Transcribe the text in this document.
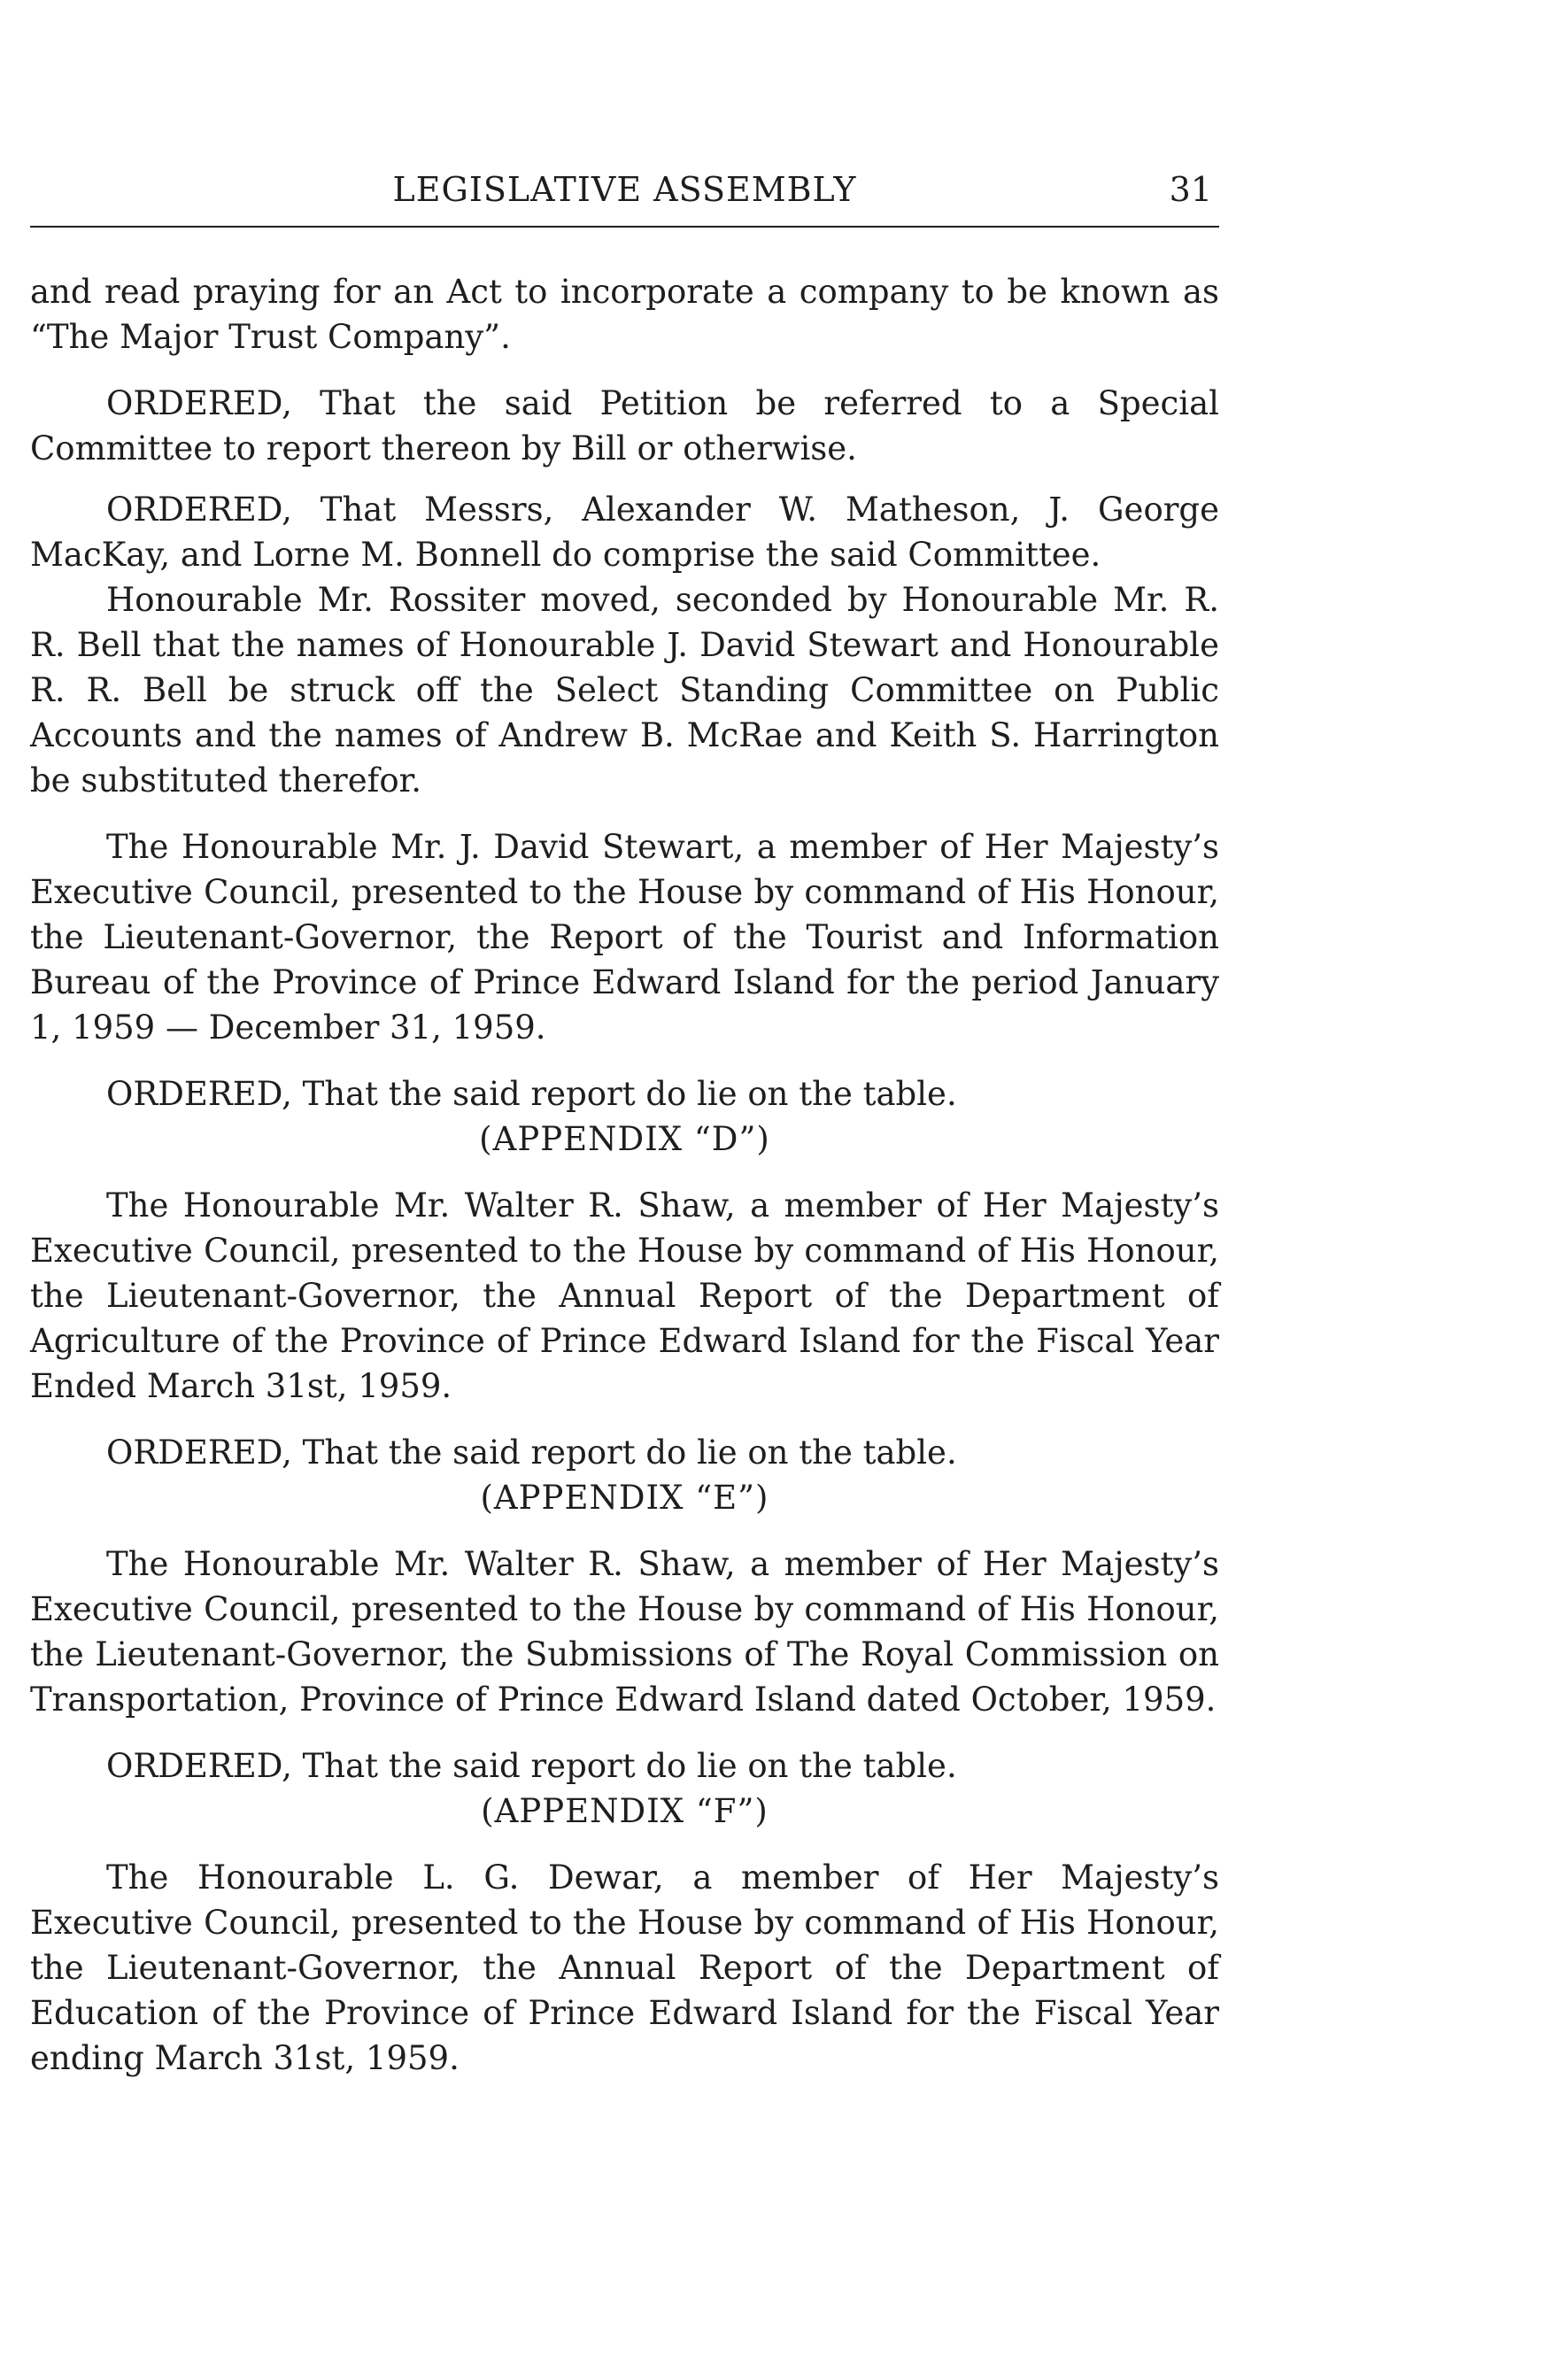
LEGISLATIVE ASSEMBLY	31

and read praying for an Act to incorporate a company to be known as “The Major Trust Company”.

ORDERED, That the said Petition be referred to a Special Committee to report thereon by Bill or otherwise.

ORDERED, That Messrs, Alexander W. Matheson, J. George MacKay, and Lorne M. Bonnell do comprise the said Committee.

Honourable Mr. Rossiter moved, seconded by Honourable Mr. R. R. Bell that the names of Honourable J. David Stewart and Honourable R. R. Bell be struck off the Select Standing Committee on Public Accounts and the names of Andrew B. McRae and Keith S. Harrington be substituted therefor.

The Honourable Mr. J. David Stewart, a member of Her Majesty’s Executive Council, presented to the House by command of His Honour, the Lieutenant-Governor, the Report of the Tourist and Information Bureau of the Province of Prince Edward Island for the period January 1, 1959 — December 31, 1959.

ORDERED, That the said report do lie on the table.

(APPENDIX “D”)

The Honourable Mr. Walter R. Shaw, a member of Her Majesty’s Executive Council, presented to the House by command of His Honour, the Lieutenant-Governor, the Annual Report of the Department of Agriculture of the Province of Prince Edward Island for the Fiscal Year Ended March 31st, 1959.

ORDERED, That the said report do lie on the table.

(APPENDIX “E”)

The Honourable Mr. Walter R. Shaw, a member of Her Majesty’s Executive Council, presented to the House by command of His Honour, the Lieutenant-Governor, the Submissions of The Royal Commission on Transportation, Province of Prince Edward Island dated October, 1959.

ORDERED, That the said report do lie on the table.

(APPENDIX “F”)

The Honourable L. G. Dewar, a member of Her Majesty’s Executive Council, presented to the House by command of His Honour, the Lieutenant-Governor, the Annual Report of the Department of Education of the Province of Prince Edward Island for the Fiscal Year ending March 31st, 1959.
